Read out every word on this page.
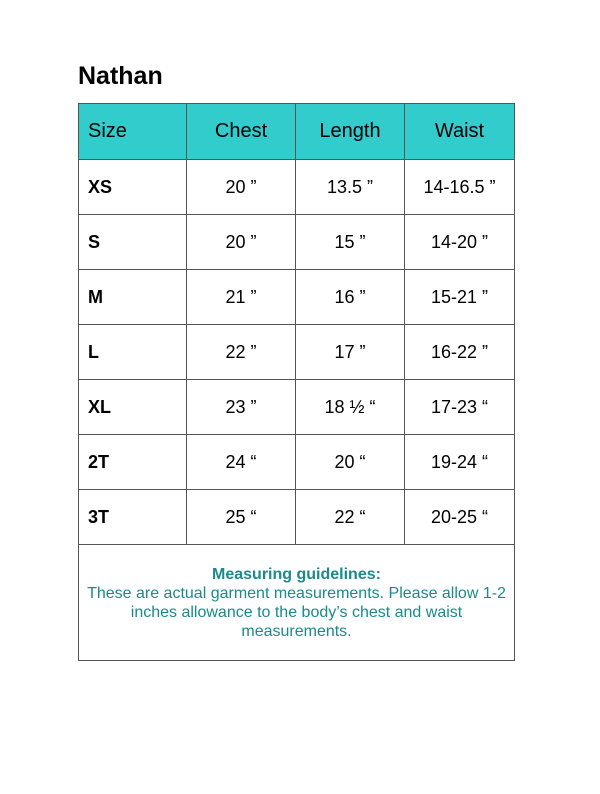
Nathan
Size	Chest	Length	Waist
XS	20 ”	13.5 ”	14-16.5 ”
S	20 ”	15 ”	14-20 ”
M	21 ”	16 ”	15-21 ”
L	22 ”	17 ”	16-22 ”
XL	23 ”	18 ½ “	17-23 “
2T	24 “	20 “	19-24 “
3T	25 “	22 “	20-25 “

Measuring guidelines:
These are actual garment measurements. Please allow 1-2 inches allowance to the body’s chest and waist measurements.			
